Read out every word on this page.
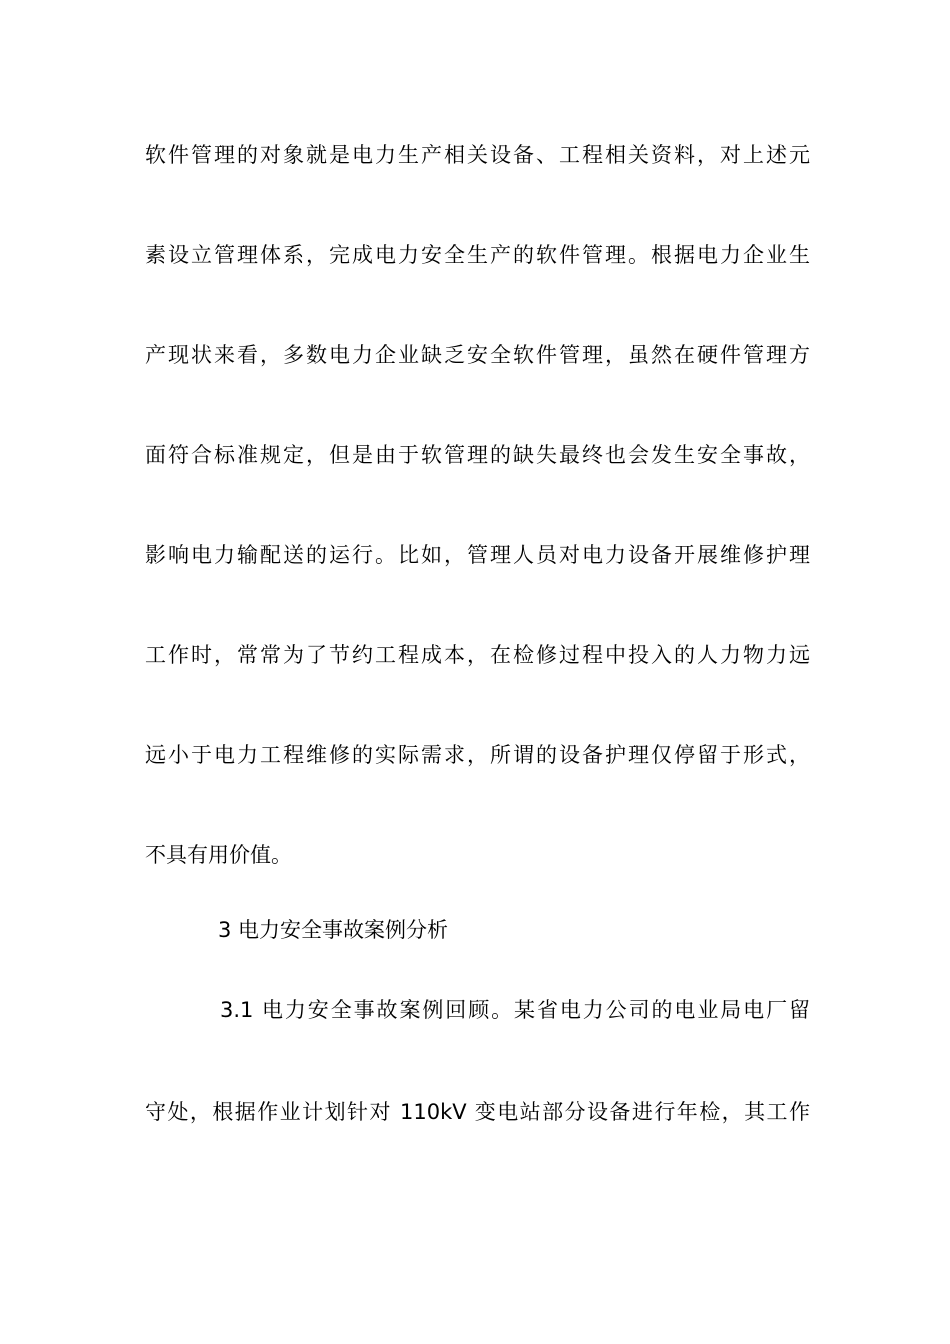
软件管理的对象就是电力生产相关设备、工程相关资料，对上述元
素设立管理体系，完成电力安全生产的软件管理。根据电力企业生
产现状来看，多数电力企业缺乏安全软件管理，虽然在硬件管理方
面符合标准规定，但是由于软管理的缺失最终也会发生安全事故，
影响电力输配送的运行。比如，管理人员对电力设备开展维修护理
工作时，常常为了节约工程成本，在检修过程中投入的人力物力远
远小于电力工程维修的实际需求，所谓的设备护理仅停留于形式，
不具有用价值。
3 电力安全事故案例分析
3.1 电力安全事故案例回顾。某省电力公司的电业局电厂留
守处，根据作业计划针对 110kV 变电站部分设备进行年检，其工作
